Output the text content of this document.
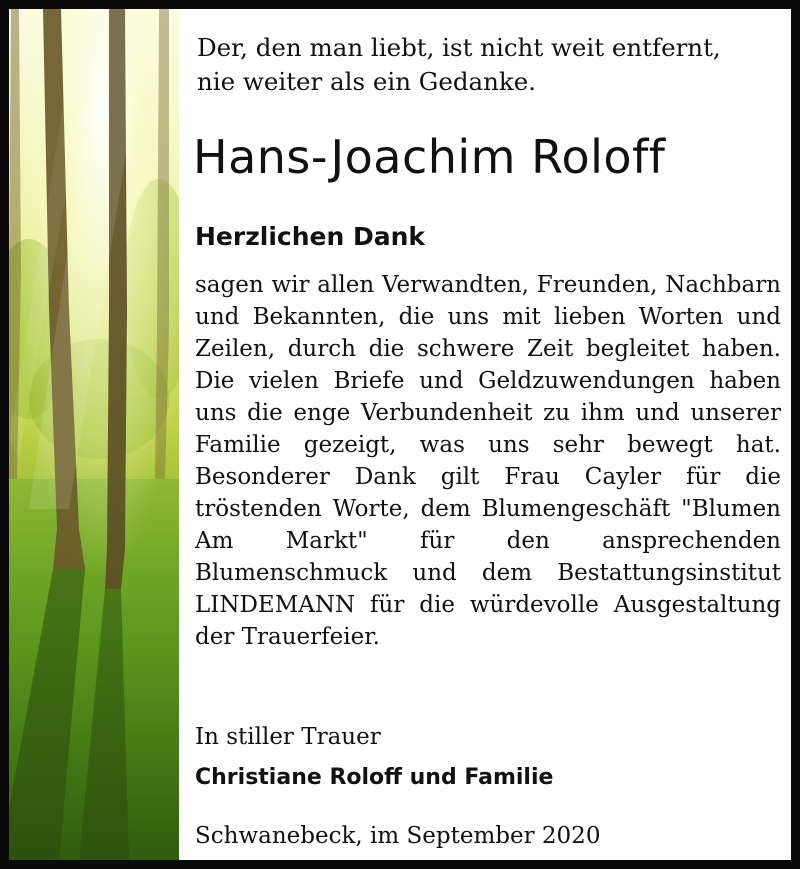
Der, den man liebt, ist nicht weit entfernt,
nie weiter als ein Gedanke.

Hans-Joachim Roloff
Herzlichen Dank

sagen wir allen Verwandten, Freunden, Nachbarn und Bekannten, die uns mit lieben Worten und Zeilen, durch die schwere Zeit begleitet haben. Die vielen Briefe und Geldzuwendungen haben uns die enge Verbundenheit zu ihm und unserer Familie gezeigt, was uns sehr bewegt hat. Besonderer Dank gilt Frau Cayler für die tröstenden Worte, dem Blumengeschäft "Blumen Am Markt" für den ansprechenden Blumenschmuck und dem Bestattungsinstitut LINDEMANN für die würdevolle Ausgestaltung der Trauerfeier.

In stiller Trauer

Christiane Roloff und Familie

Schwanebeck, im September 2020
